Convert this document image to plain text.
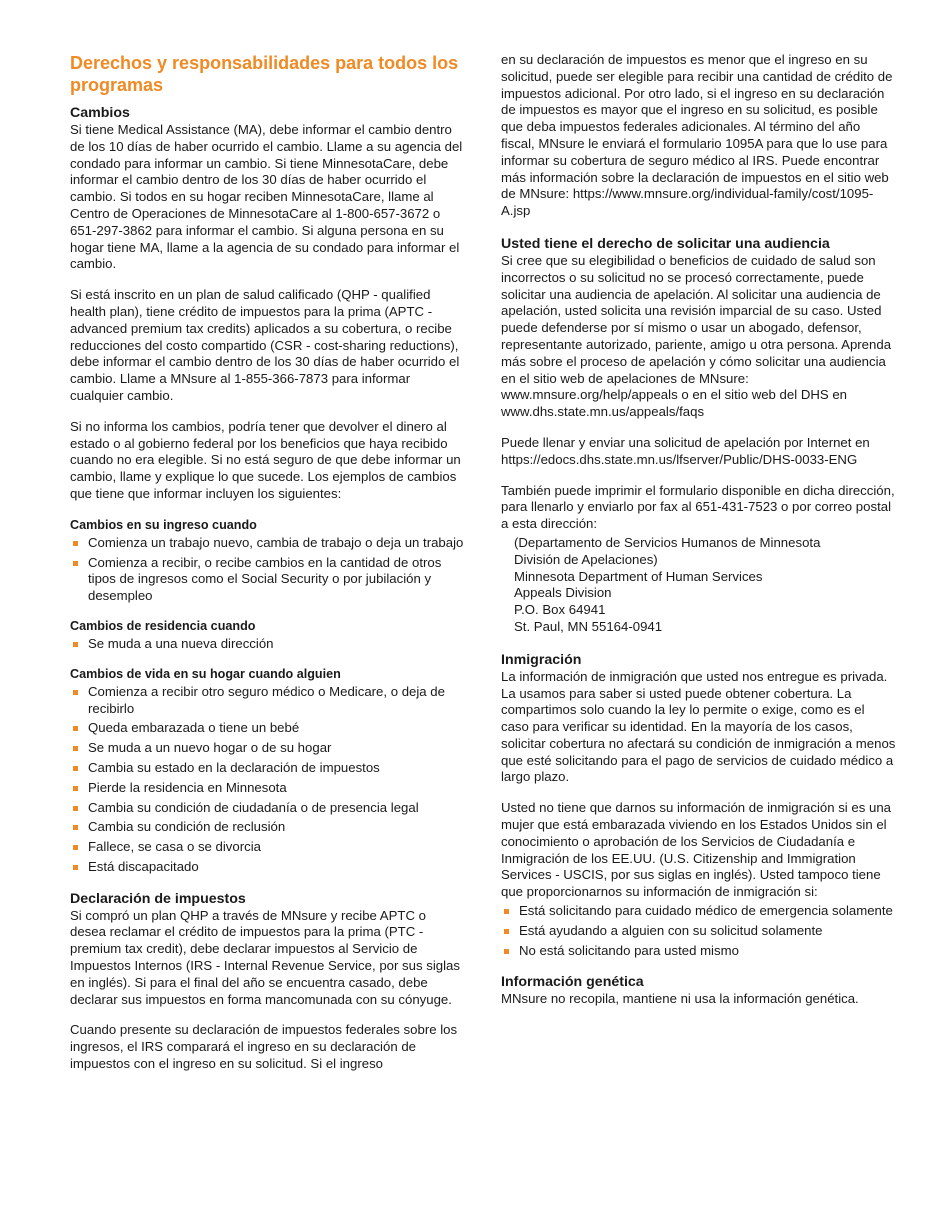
Derechos y responsabilidades para todos los programas
Cambios

Si tiene Medical Assistance (MA), debe informar el cambio dentro de los 10 días de haber ocurrido el cambio. Llame a su agencia del condado para informar un cambio. Si tiene MinnesotaCare, debe informar el cambio dentro de los 30 días de haber ocurrido el cambio. Si todos en su hogar reciben MinnesotaCare, llame al Centro de Operaciones de MinnesotaCare al 1-800-657-3672 o 651-297-3862 para informar el cambio. Si alguna persona en su hogar tiene MA, llame a la agencia de su condado para informar el cambio.

Si está inscrito en un plan de salud calificado (QHP - qualified health plan), tiene crédito de impuestos para la prima (APTC - advanced premium tax credits) aplicados a su cobertura, o recibe reducciones del costo compartido (CSR - cost-sharing reductions), debe informar el cambio dentro de los 30 días de haber ocurrido el cambio. Llame a MNsure al 1-855-366-7873 para informar cualquier cambio.

Si no informa los cambios, podría tener que devolver el dinero al estado o al gobierno federal por los beneficios que haya recibido cuando no era elegible. Si no está seguro de que debe informar un cambio, llame y explique lo que sucede. Los ejemplos de cambios que tiene que informar incluyen los siguientes:

Cambios en su ingreso cuando
Comienza un trabajo nuevo, cambia de trabajo o deja un trabajo
Comienza a recibir, o recibe cambios en la cantidad de otros tipos de ingresos como el Social Security o por jubilación y desempleo
Cambios de residencia cuando
Se muda a una nueva dirección
Cambios de vida en su hogar cuando alguien
Comienza a recibir otro seguro médico o Medicare, o deja de recibirlo
Queda embarazada o tiene un bebé
Se muda a un nuevo hogar o de su hogar
Cambia su estado en la declaración de impuestos
Pierde la residencia en Minnesota
Cambia su condición de ciudadanía o de presencia legal
Cambia su condición de reclusión
Fallece, se casa o se divorcia
Está discapacitado
Declaración de impuestos

Si compró un plan QHP a través de MNsure y recibe APTC o desea reclamar el crédito de impuestos para la prima (PTC - premium tax credit), debe declarar impuestos al Servicio de Impuestos Internos (IRS - Internal Revenue Service, por sus siglas en inglés). Si para el final del año se encuentra casado, debe declarar sus impuestos en forma mancomunada con su cónyuge.

Cuando presente su declaración de impuestos federales sobre los ingresos, el IRS comparará el ingreso en su declaración de impuestos con el ingreso en su solicitud. Si el ingreso

en su declaración de impuestos es menor que el ingreso en su solicitud, puede ser elegible para recibir una cantidad de crédito de impuestos adicional. Por otro lado, si el ingreso en su declaración de impuestos es mayor que el ingreso en su solicitud, es posible que deba impuestos federales adicionales. Al término del año fiscal, MNsure le enviará el formulario 1095A para que lo use para informar su cobertura de seguro médico al IRS. Puede encontrar más información sobre la declaración de impuestos en el sitio web de MNsure: https://www.mnsure.org/individual-family/cost/1095-A.jsp

Usted tiene el derecho de solicitar una audiencia

Si cree que su elegibilidad o beneficios de cuidado de salud son incorrectos o su solicitud no se procesó correctamente, puede solicitar una audiencia de apelación. Al solicitar una audiencia de apelación, usted solicita una revisión imparcial de su caso. Usted puede defenderse por sí mismo o usar un abogado, defensor, representante autorizado, pariente, amigo u otra persona. Aprenda más sobre el proceso de apelación y cómo solicitar una audiencia en el sitio web de apelaciones de MNsure: www.mnsure.org/help/appeals o en el sitio web del DHS en www.dhs.state.mn.us/appeals/faqs

Puede llenar y enviar una solicitud de apelación por Internet en https://edocs.dhs.state.mn.us/lfserver/Public/DHS-0033-ENG

También puede imprimir el formulario disponible en dicha dirección, para llenarlo y enviarlo por fax al 651-431-7523 o por correo postal a esta dirección:

(Departamento de Servicios Humanos de Minnesota
División de Apelaciones)
Minnesota Department of Human Services
Appeals Division
P.O. Box 64941
St. Paul, MN 55164-0941
Inmigración

La información de inmigración que usted nos entregue es privada. La usamos para saber si usted puede obtener cobertura. La compartimos solo cuando la ley lo permite o exige, como es el caso para verificar su identidad. En la mayoría de los casos, solicitar cobertura no afectará su condición de inmigración a menos que esté solicitando para el pago de servicios de cuidado médico a largo plazo.

Usted no tiene que darnos su información de inmigración si es una mujer que está embarazada viviendo en los Estados Unidos sin el conocimiento o aprobación de los Servicios de Ciudadanía e Inmigración de los EE.UU. (U.S. Citizenship and Immigration Services - USCIS, por sus siglas en inglés). Usted tampoco tiene que proporcionarnos su información de inmigración si:

Está solicitando para cuidado médico de emergencia solamente
Está ayudando a alguien con su solicitud solamente
No está solicitando para usted mismo
Información genética

MNsure no recopila, mantiene ni usa la información genética.
